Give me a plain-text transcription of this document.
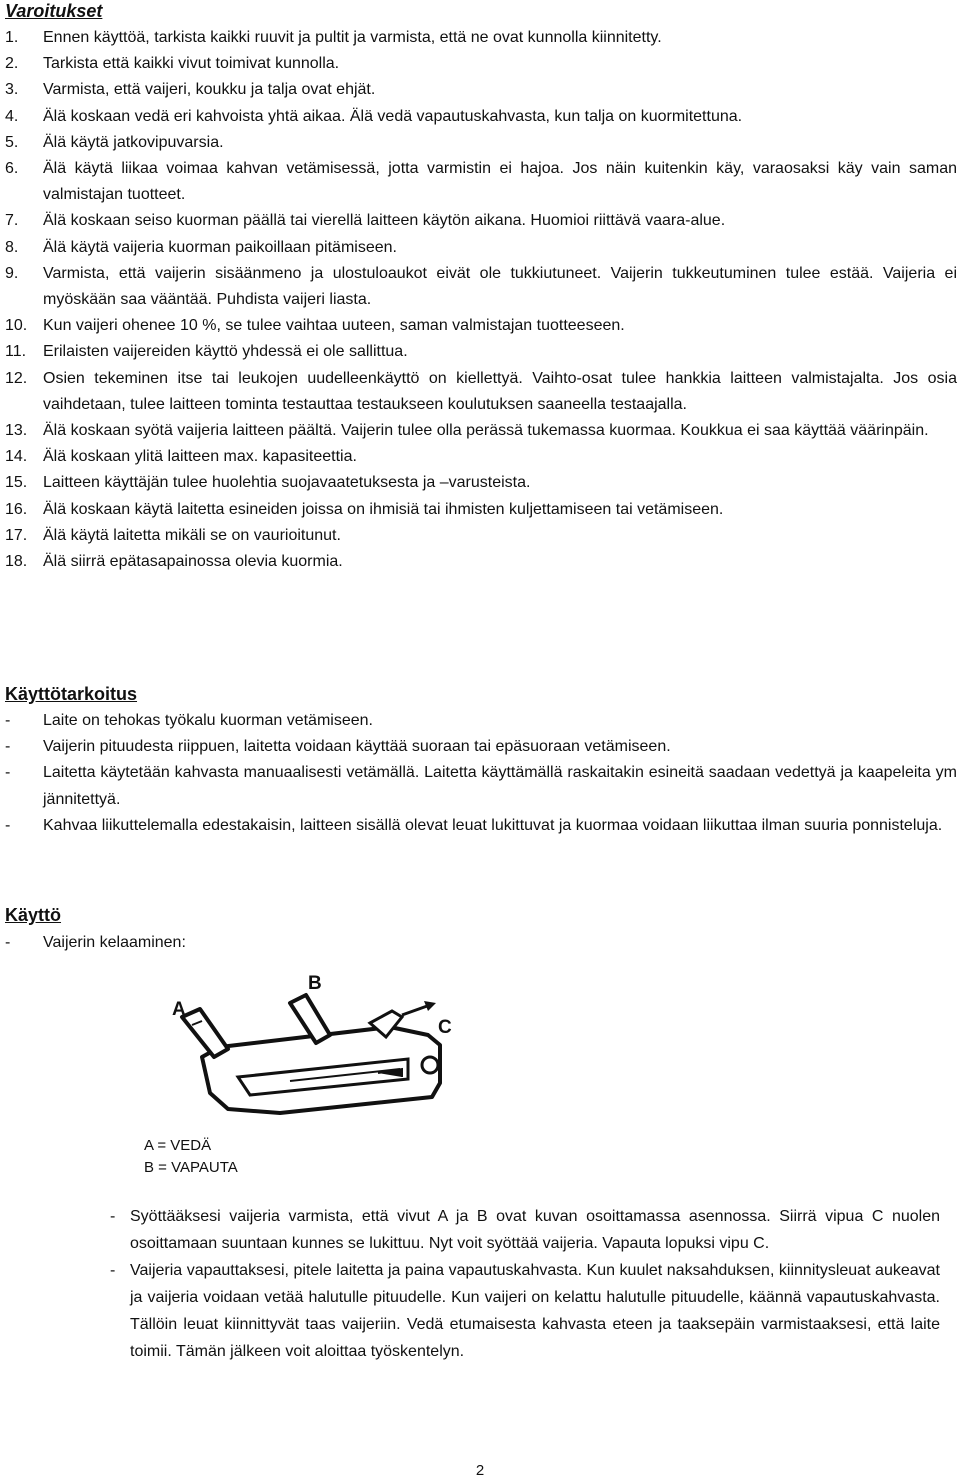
Varoitukset
1.	Ennen käyttöä, tarkista kaikki ruuvit ja pultit ja varmista, että ne ovat kunnolla kiinnitetty.
2.	Tarkista että kaikki vivut toimivat kunnolla.
3.	Varmista, että vaijeri, koukku ja talja ovat ehjät.
4.	Älä koskaan vedä eri kahvoista yhtä aikaa. Älä vedä vapautuskahvasta, kun talja on kuormitettuna.
5.	Älä käytä jatkovipuvarsia.
6.	Älä käytä liikaa voimaa kahvan vetämisessä, jotta varmistin ei hajoa. Jos näin kuitenkin käy, varaosaksi käy vain saman valmistajan tuotteet.
7.	Älä koskaan seiso kuorman päällä tai vierellä laitteen käytön aikana. Huomioi riittävä vaara-alue.
8.	Älä käytä vaijeria kuorman paikoillaan pitämiseen.
9.	Varmista, että vaijerin sisäänmeno ja ulostuloaukot eivät ole tukkiutuneet. Vaijerin tukkeutuminen tulee estää. Vaijeria ei myöskään saa vääntää. Puhdista vaijeri liasta.
10. Kun vaijeri ohenee 10 %, se tulee vaihtaa uuteen, saman valmistajan tuotteeseen.
11.	Erilaisten vaijereiden käyttö yhdessä ei ole sallittua.
12. Osien tekeminen itse tai leukojen uudelleenkäyttö on kiellettyä. Vaihto-osat tulee hankkia laitteen valmistajalta. Jos osia vaihdetaan, tulee laitteen tominta testauttaa testaukseen koulutuksen saaneella testaajalla.
13. Älä koskaan syötä vaijeria laitteen päältä. Vaijerin tulee olla perässä tukemassa kuormaa. Koukkua ei saa käyttää väärinpäin.
14. Älä koskaan ylitä laitteen max. kapasiteettia.
15. Laitteen käyttäjän tulee huolehtia suojavaatetuksesta ja –varusteista.
16. Älä koskaan käytä laitetta esineiden joissa on ihmisiä tai ihmisten kuljettamiseen tai vetämiseen.
17. Älä käytä laitetta mikäli se on vaurioitunut.
18. Älä siirrä epätasapainossa olevia kuormia.
Käyttötarkoitus
-	Laite on tehokas työkalu kuorman vetämiseen.
-	Vaijerin pituudesta riippuen, laitetta voidaan käyttää suoraan tai epäsuoraan vetämiseen.
-	Laitetta käytetään kahvasta manuaalisesti vetämällä. Laitetta käyttämällä raskaitakin esineitä saadaan vedettyä ja kaapeleita ym jännitettyä.
-	Kahvaa liikuttelemalla edestakaisin, laitteen sisällä olevat leuat lukittuvat ja kuormaa voidaan liikuttaa ilman suuria ponnisteluja.
Käyttö
-	Vaijerin kelaaminen:
A
B
C
A = VEDÄ
B = VAPAUTA
- Syöttääksesi vaijeria varmista, että vivut A ja B ovat kuvan osoittamassa asennossa. Siirrä vipua C nuolen osoittamaan suuntaan kunnes se lukittuu. Nyt voit syöttää vaijeria. Vapauta lopuksi vipu C.
- Vaijeria vapauttaksesi, pitele laitetta ja paina vapautuskahvasta. Kun kuulet naksahduksen, kiinnitysleuat aukeavat ja vaijeria voidaan vetää halutulle pituudelle. Kun vaijeri on kelattu halutulle pituudelle, käännä vapautuskahvasta. Tällöin leuat kiinnittyvät taas vaijeriin. Vedä etumaisesta kahvasta eteen ja taaksepäin varmistaaksesi, että laite toimii. Tämän jälkeen voit aloittaa työskentelyn.
2
